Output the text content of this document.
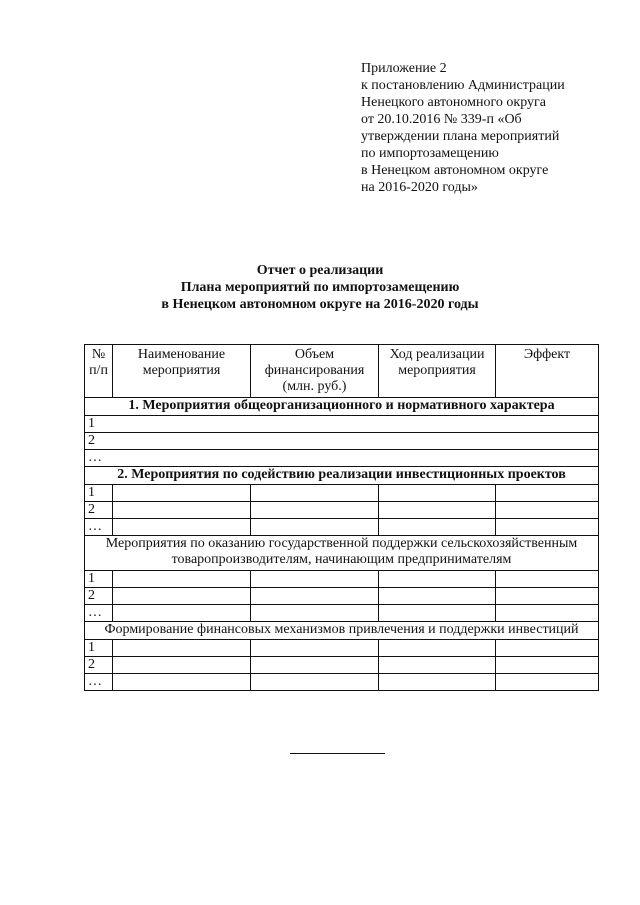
Приложение 2
к постановлению Администрации
Ненецкого автономного округа
от 20.10.2016 № 339-п «Об
утверждении плана мероприятий
по импортозамещению
в Ненецком автономном округе
на 2016-2020 годы»
Отчет о реализации
Плана мероприятий по импортозамещению
в Ненецком автономном округе на 2016-2020 годы
№ п/п	Наименование мероприятия	Объем финансирования (млн. руб.)	Ход реализации мероприятия	Эффект
1. Мероприятия общеорганизационного и нормативного характера				
1				
2				
…				
2. Мероприятия по содействию реализации инвестиционных проектов				
1				
2				
…				
Мероприятия по оказанию государственной поддержки сельскохозяйственным товаропроизводителям, начинающим предпринимателям				
1				
2				
…				
Формирование финансовых механизмов привлечения и поддержки инвестиций				
1				
2				
…				
